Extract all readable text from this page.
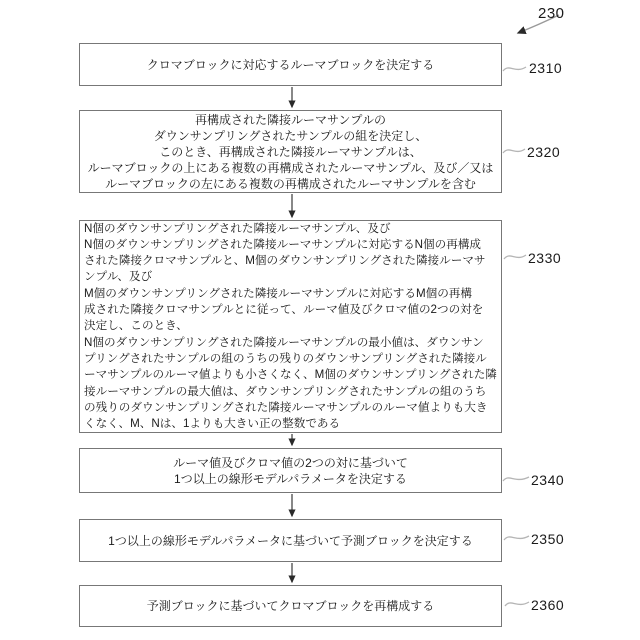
230
クロマブロックに対応するルーマブロックを決定する
再構成された隣接ルーマサンプルの
ダウンサンプリングされたサンプルの組を決定し、
このとき、再構成された隣接ルーマサンプルは、
ルーマブロックの上にある複数の再構成されたルーマサンプル、及び／又は
ルーマブロックの左にある複数の再構成されたルーマサンプルを含む
N個のダウンサンプリングされた隣接ルーマサンプル、及び
N個のダウンサンプリングされた隣接ルーマサンプルに対応するN個の再構成
された隣接クロマサンプルと、M個のダウンサンプリングされた隣接ルーマサ
ンプル、及び
M個のダウンサンプリングされた隣接ルーマサンプルに対応するM個の再構
成された隣接クロマサンプルとに従って、ルーマ値及びクロマ値の2つの対を
決定し、このとき、
N個のダウンサンプリングされた隣接ルーマサンプルの最小値は、ダウンサン
プリングされたサンプルの組のうちの残りのダウンサンプリングされた隣接ル
ーマサンプルのルーマ値よりも小さくなく、M個のダウンサンプリングされた隣
接ルーマサンプルの最大値は、ダウンサンプリングされたサンプルの組のうち
の残りのダウンサンプリングされた隣接ルーマサンプルのルーマ値よりも大き
くなく、M、Nは、1よりも大きい正の整数である
ルーマ値及びクロマ値の2つの対に基づいて
1つ以上の線形モデルパラメータを決定する
1つ以上の線形モデルパラメータに基づいて予測ブロックを決定する
予測ブロックに基づいてクロマブロックを再構成する
2310
2320
2330
2340
2350
2360
